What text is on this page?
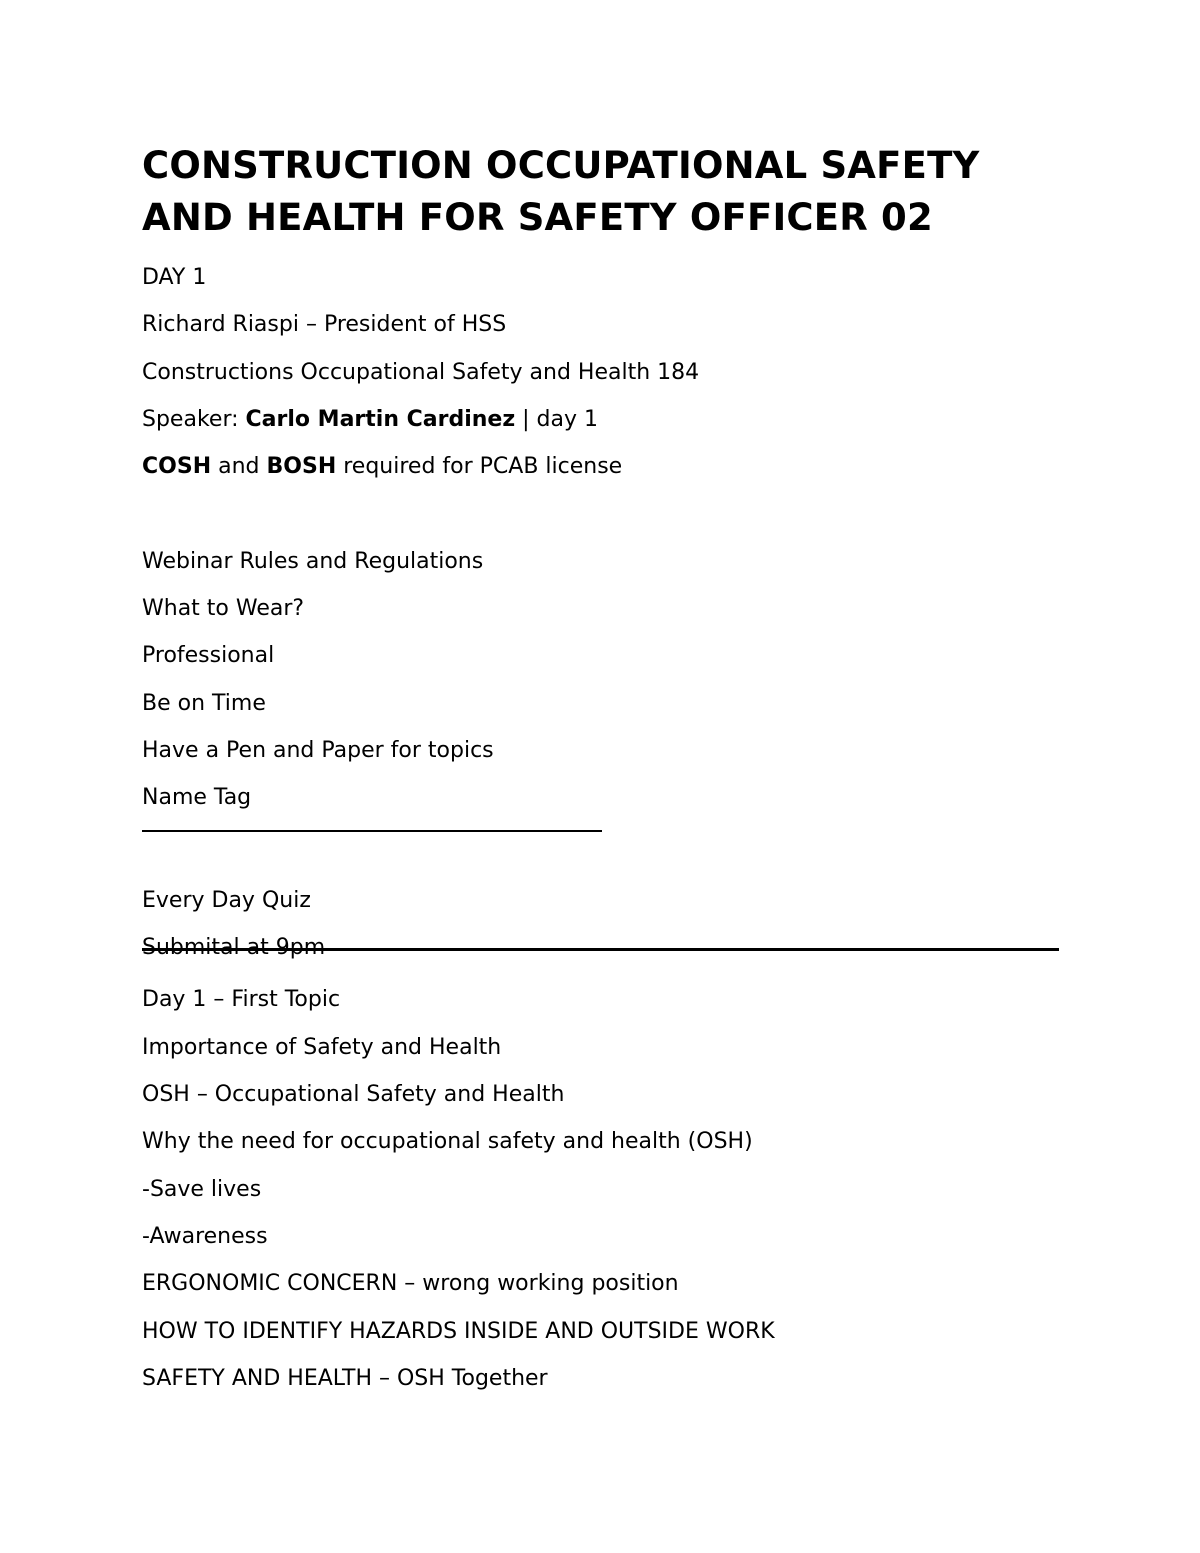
CONSTRUCTION OCCUPATIONAL SAFETY AND HEALTH FOR SAFETY OFFICER 02
DAY 1
Richard Riaspi – President of HSS
Constructions Occupational Safety and Health 184
Speaker: Carlo Martin Cardinez | day 1
COSH and BOSH required for PCAB license
Webinar Rules and Regulations
What to Wear?
Professional
Be on Time
Have a Pen and Paper for topics
Name Tag
Every Day Quiz
Day 1 – First Topic
Importance of Safety and Health
OSH – Occupational Safety and Health
Why the need for occupational safety and health (OSH)
-Save lives
-Awareness
ERGONOMIC CONCERN – wrong working position
HOW TO IDENTIFY HAZARDS INSIDE AND OUTSIDE WORK
SAFETY AND HEALTH – OSH Together
